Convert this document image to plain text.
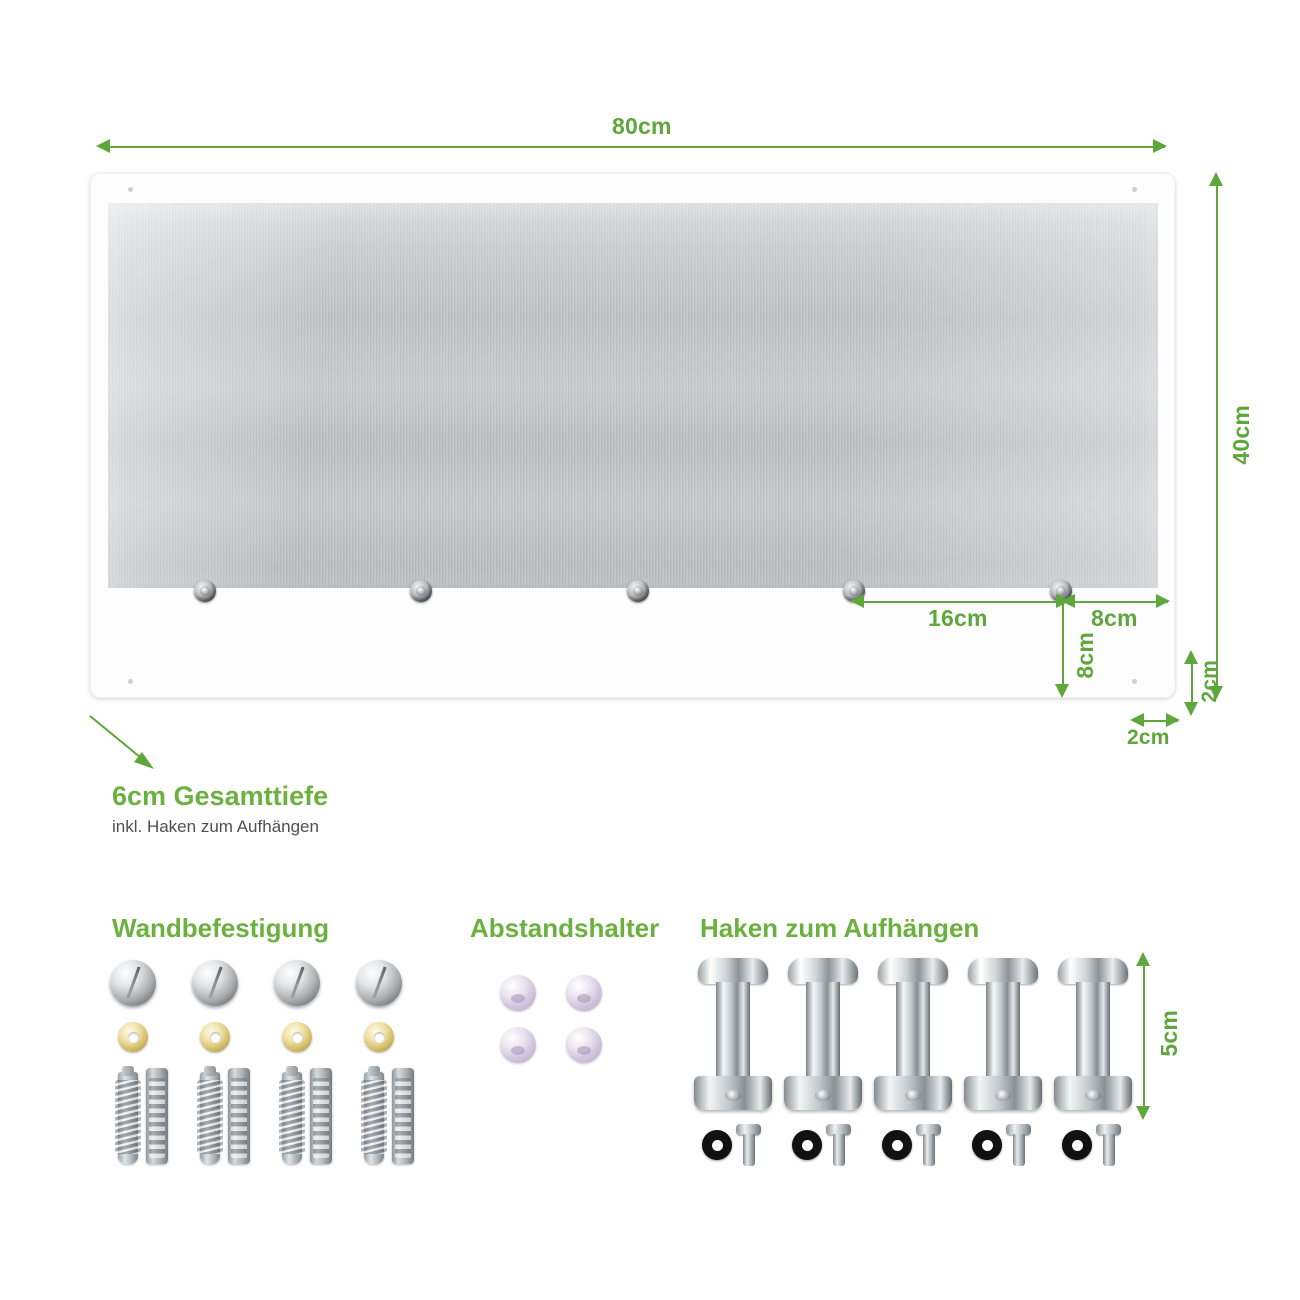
80cm
40cm
16cm	8cm
8cm
2cm
2cm
6cm Gesamttiefe
inkl. Haken zum Aufhängen
Wandbefestigung	Abstandshalter Haken zum Aufhängen
5cm
